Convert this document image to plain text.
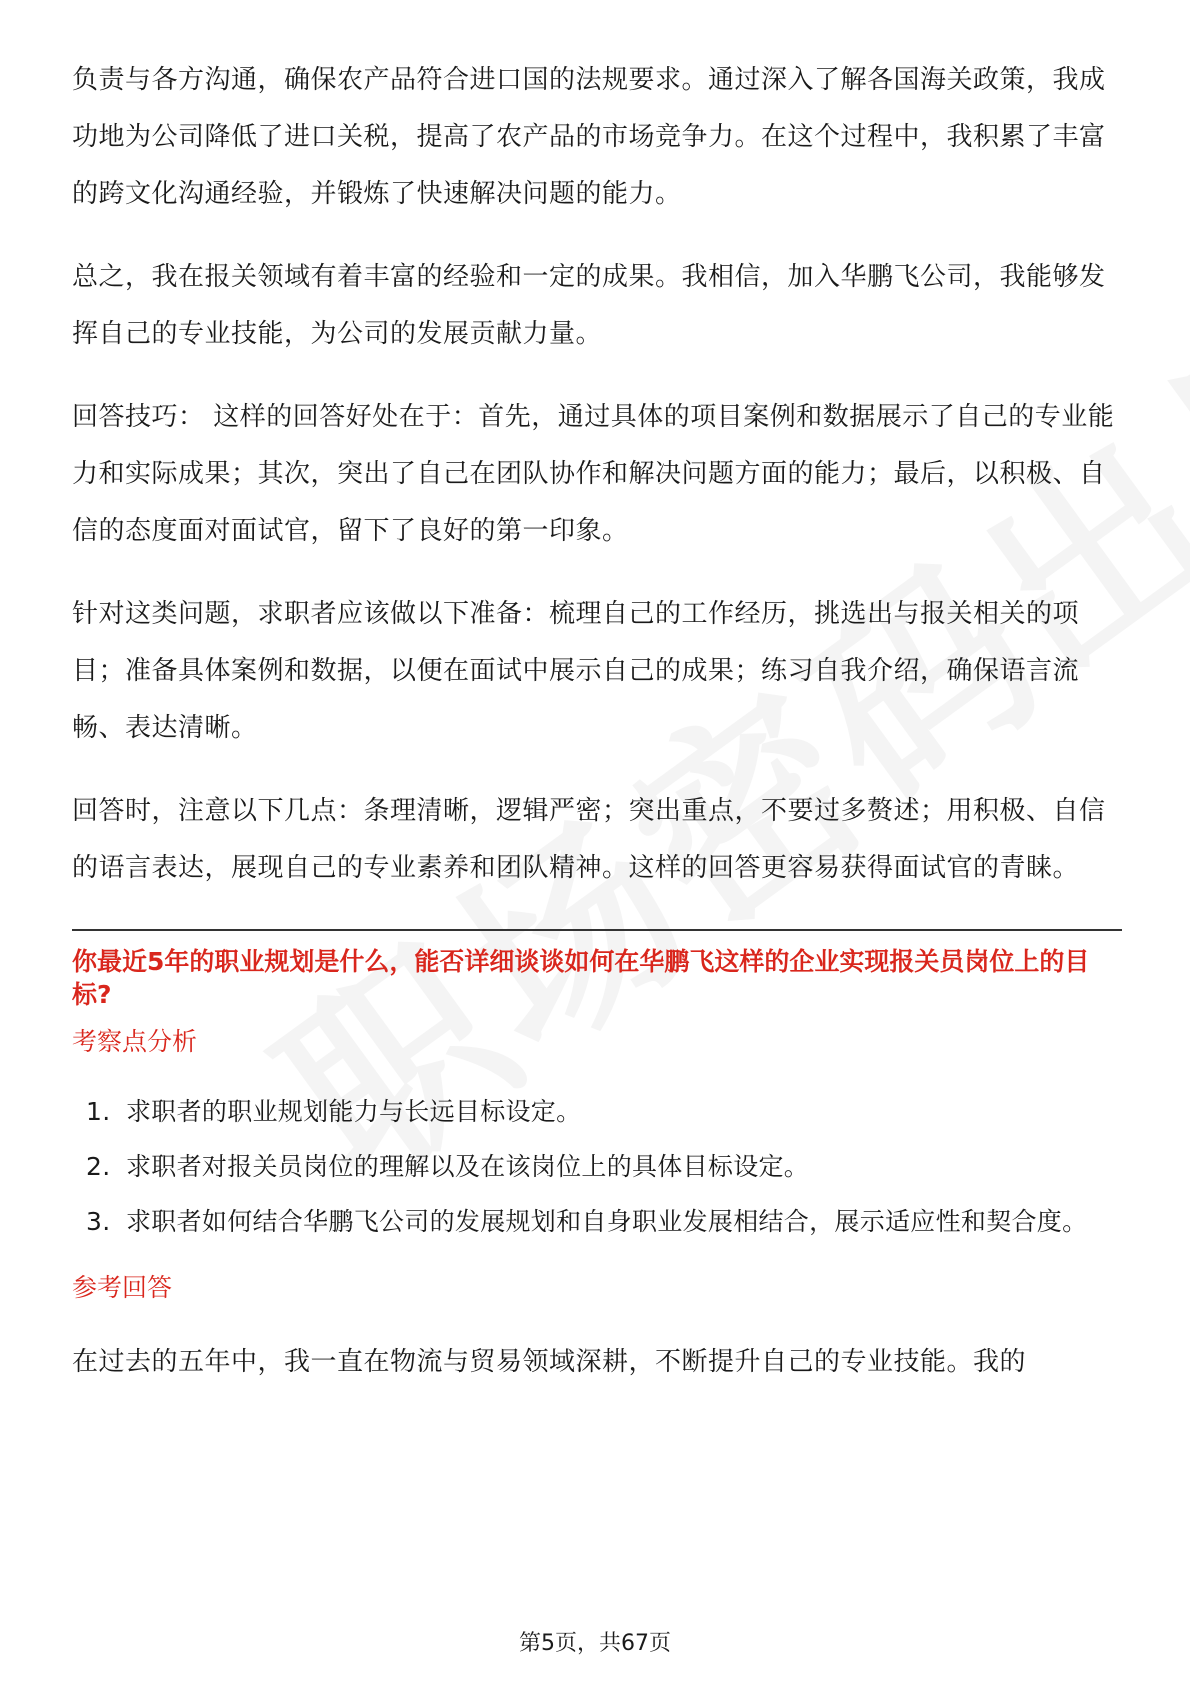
负责与各方沟通，确保农产品符合进口国的法规要求。通过深入了解各国海关政策，我成功地为公司降低了进口关税，提高了农产品的市场竞争力。在这个过程中，我积累了丰富的跨文化沟通经验，并锻炼了快速解决问题的能力。

总之，我在报关领域有着丰富的经验和一定的成果。我相信，加入华鹏飞公司，我能够发挥自己的专业技能，为公司的发展贡献力量。

回答技巧： 这样的回答好处在于：首先，通过具体的项目案例和数据展示了自己的专业能力和实际成果；其次，突出了自己在团队协作和解决问题方面的能力；最后，以积极、自信的态度面对面试官，留下了良好的第一印象。

针对这类问题，求职者应该做以下准备：梳理自己的工作经历，挑选出与报关相关的项目；准备具体案例和数据，以便在面试中展示自己的成果；练习自我介绍，确保语言流畅、表达清晰。

回答时，注意以下几点：条理清晰，逻辑严密；突出重点，不要过多赘述；用积极、自信的语言表达，展现自己的专业素养和团队精神。这样的回答更容易获得面试官的青睐。

你最近5年的职业规划是什么，能否详细谈谈如何在华鹏飞这样的企业实现报关员岗位上的目标?
考察点分析
1. 求职者的职业规划能力与长远目标设定。
2. 求职者对报关员岗位的理解以及在该岗位上的具体目标设定。
3. 求职者如何结合华鹏飞公司的发展规划和自身职业发展相结合，展示适应性和契合度。
参考回答

在过去的五年中，我一直在物流与贸易领域深耕，不断提升自己的专业技能。我的

第5页，共67页
